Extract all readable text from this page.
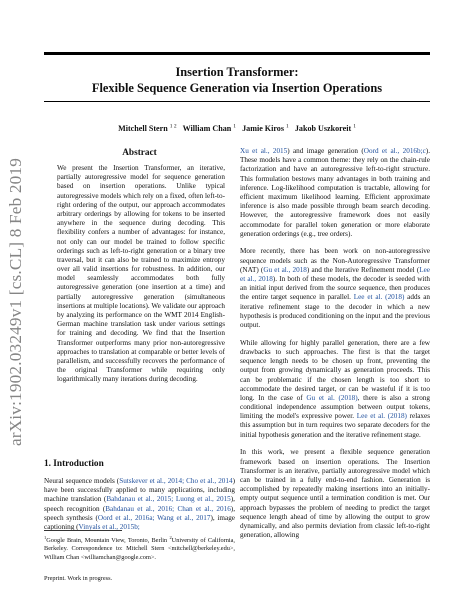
Insertion Transformer:
Flexible Sequence Generation via Insertion Operations
Mitchell Stern $^{1 2}$ William Chan $^1$ Jamie Kiros $^1$ Jakob Uszkoreit $^1$
arXiv:1902.03249v1 [cs.CL] 8 Feb 2019
Abstract
We present the Insertion Transformer, an iterative, partially autoregressive model for sequence generation based on insertion operations. Unlike typical autoregressive models which rely on a fixed, often left-to-right ordering of the output, our approach accommodates arbitrary orderings by allowing for tokens to be inserted anywhere in the sequence during decoding. This flexibility confers a number of advantages: for instance, not only can our model be trained to follow specific orderings such as left-to-right generation or a binary tree traversal, but it can also be trained to maximize entropy over all valid insertions for robustness. In addition, our model seamlessly accommodates both fully autoregressive generation (one insertion at a time) and partially autoregressive generation (simultaneous insertions at multiple locations). We validate our approach by analyzing its performance on the WMT 2014 English-German machine translation task under various settings for training and decoding. We find that the Insertion Transformer outperforms many prior non-autoregressive approaches to translation at comparable or better levels of parallelism, and successfully recovers the performance of the original Transformer while requiring only logarithmically many iterations during decoding.
1. Introduction
Neural sequence models (Sutskever et al., 2014; Cho et al., 2014) have been successfully applied to many applications, including machine translation (Bahdanau et al., 2015; Luong et al., 2015), speech recognition (Bahdanau et al., 2016; Chan et al., 2016), speech synthesis (Oord et al., 2016a; Wang et al., 2017), image captioning (Vinyals et al., 2015b;
$^1$Google Brain, Mountain View, Toronto, Berlin $^2$University of California, Berkeley. Correspondence to: Mitchell Stern <mitchell@berkeley.edu>, William Chan <williamchan@google.com>.
Preprint. Work in progress.

Xu et al., 2015) and image generation (Oord et al., 2016b;c). These models have a common theme: they rely on the chain-rule factorization and have an autoregressive left-to-right structure. This formulation bestows many advantages in both training and inference. Log-likelihood computation is tractable, allowing for efficient maximum likelihood learning. Efficient approximate inference is also made possible through beam search decoding. However, the autoregressive framework does not easily accommodate for parallel token generation or more elaborate generation orderings (e.g., tree orders).

More recently, there has been work on non-autoregressive sequence models such as the Non-Autoregressive Transformer (NAT) (Gu et al., 2018) and the Iterative Refinement model (Lee et al., 2018). In both of these models, the decoder is seeded with an initial input derived from the source sequence, then produces the entire target sequence in parallel. Lee et al. (2018) adds an iterative refinement stage to the decoder in which a new hypothesis is produced conditioning on the input and the previous output.

While allowing for highly parallel generation, there are a few drawbacks to such approaches. The first is that the target sequence length needs to be chosen up front, preventing the output from growing dynamically as generation proceeds. This can be problematic if the chosen length is too short to accommodate the desired target, or can be wasteful if it is too long. In the case of Gu et al. (2018), there is also a strong conditional independence assumption between output tokens, limiting the model's expressive power. Lee et al. (2018) relaxes this assumption but in turn requires two separate decoders for the initial hypothesis generation and the iterative refinement stage.

In this work, we present a flexible sequence generation framework based on insertion operations. The Insertion Transformer is an iterative, partially autoregressive model which can be trained in a fully end-to-end fashion. Generation is accomplished by repeatedly making insertions into an initially-empty output sequence until a termination condition is met. Our approach bypasses the problem of needing to predict the target sequence length ahead of time by allowing the output to grow dynamically, and also permits deviation from classic left-to-right generation, allowing
